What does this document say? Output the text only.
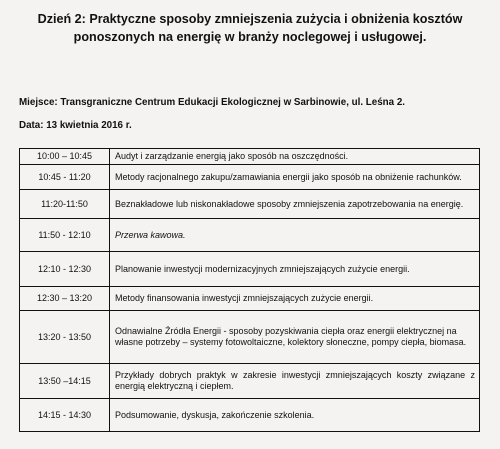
Dzień 2: Praktyczne sposoby zmniejszenia zużycia i obniżenia kosztów
ponoszonych na energię w branży noclegowej i usługowej.
Miejsce: Transgraniczne Centrum Edukacji Ekologicznej w Sarbinowie, ul. Leśna 2.
Data: 13 kwietnia 2016 r.
10:00 – 10:45	Audyt i zarządzanie energią jako sposób na oszczędności.
10:45 - 11:20	Metody racjonalnego zakupu/zamawiania energii jako sposób na obniżenie rachunków.
11:20-11:50	Beznakładowe lub niskonakładowe sposoby zmniejszenia zapotrzebowania na energię.
11:50 - 12:10	Przerwa kawowa.
12:10 - 12:30	Planowanie inwestycji modernizacyjnych zmniejszających zużycie energii.
12:30 – 13:20	Metody finansowania inwestycji zmniejszających zużycie energii.
13:20 - 13:50	Odnawialne Źródła Energii - sposoby pozyskiwania ciepła oraz energii elektrycznej na własne potrzeby – systemy fotowoltaiczne, kolektory słoneczne, pompy ciepła, biomasa.
13:50 –14:15	Przykłady dobrych praktyk w zakresie inwestycji zmniejszających koszty związane z energią elektryczną i ciepłem.
14:15 - 14:30	Podsumowanie, dyskusja, zakończenie szkolenia.
